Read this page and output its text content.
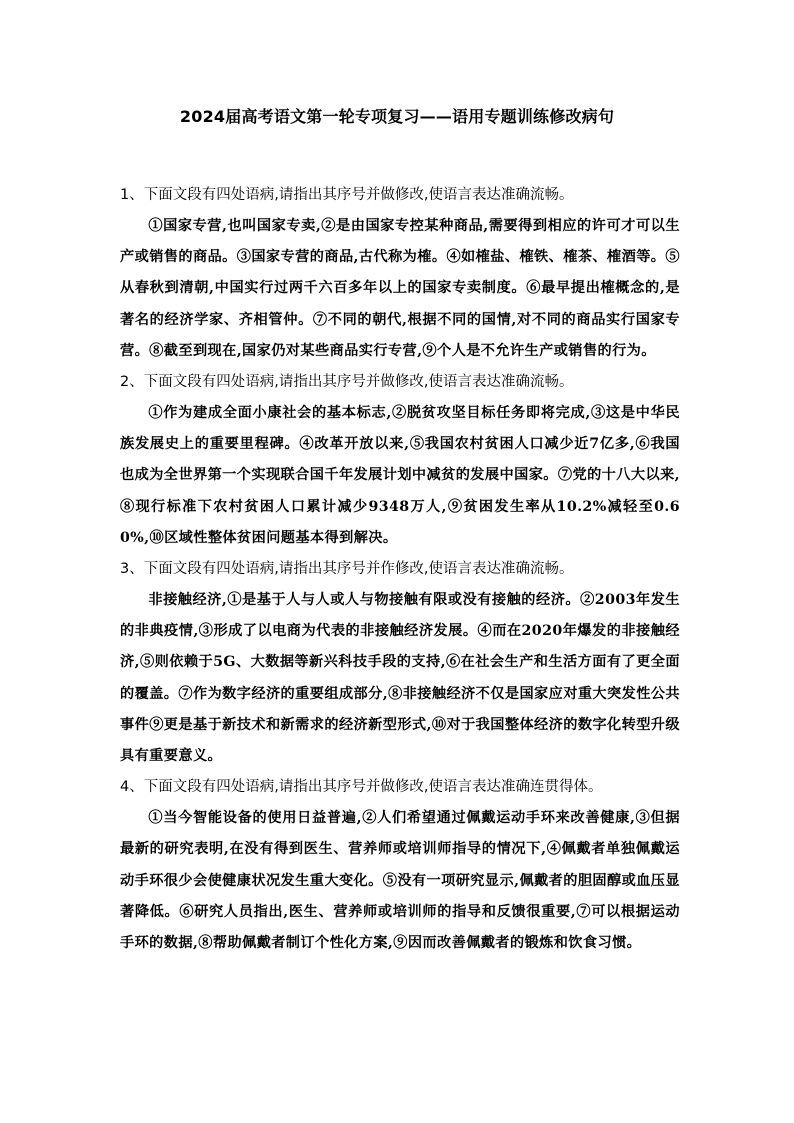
2024届高考语文第一轮专项复习——语用专题训练修改病句
1、下面文段有四处语病,请指出其序号并做修改,使语言表达准确流畅。
①国家专营,也叫国家专卖,②是由国家专控某种商品,需要得到相应的许可才可以生产或销售的商品。③国家专营的商品,古代称为榷。④如榷盐、榷铁、榷茶、榷酒等。⑤从春秋到清朝,中国实行过两千六百多年以上的国家专卖制度。⑥最早提出榷概念的,是著名的经济学家、齐相管仲。⑦不同的朝代,根据不同的国情,对不同的商品实行国家专营。⑧截至到现在,国家仍对某些商品实行专营,⑨个人是不允许生产或销售的行为。
2、下面文段有四处语病,请指出其序号并做修改,使语言表达准确流畅。
①作为建成全面小康社会的基本标志,②脱贫攻坚目标任务即将完成,③这是中华民族发展史上的重要里程碑。④改革开放以来,⑤我国农村贫困人口减少近7亿多,⑥我国也成为全世界第一个实现联合国千年发展计划中减贫的发展中国家。⑦党的十八大以来,⑧现行标准下农村贫困人口累计减少9348万人,⑨贫困发生率从10.2%减轻至0.60%,⑩区域性整体贫困问题基本得到解决。
3、下面文段有四处语病,请指出其序号并作修改,使语言表达准确流畅。
非接触经济,①是基于人与人或人与物接触有限或没有接触的经济。②2003年发生的非典疫情,③形成了以电商为代表的非接触经济发展。④而在2020年爆发的非接触经济,⑤则依赖于5G、大数据等新兴科技手段的支持,⑥在社会生产和生活方面有了更全面的覆盖。⑦作为数字经济的重要组成部分,⑧非接触经济不仅是国家应对重大突发性公共事件⑨更是基于新技术和新需求的经济新型形式,⑩对于我国整体经济的数字化转型升级具有重要意义。
4、下面文段有四处语病,请指出其序号并做修改,使语言表达准确连贯得体。
①当今智能设备的使用日益普遍,②人们希望通过佩戴运动手环来改善健康,③但据最新的研究表明,在没有得到医生、营养师或培训师指导的情况下,④佩戴者单独佩戴运动手环很少会使健康状况发生重大变化。⑤没有一项研究显示,佩戴者的胆固醇或血压显著降低。⑥研究人员指出,医生、营养师或培训师的指导和反馈很重要,⑦可以根据运动手环的数据,⑧帮助佩戴者制订个性化方案,⑨因而改善佩戴者的锻炼和饮食习惯。
